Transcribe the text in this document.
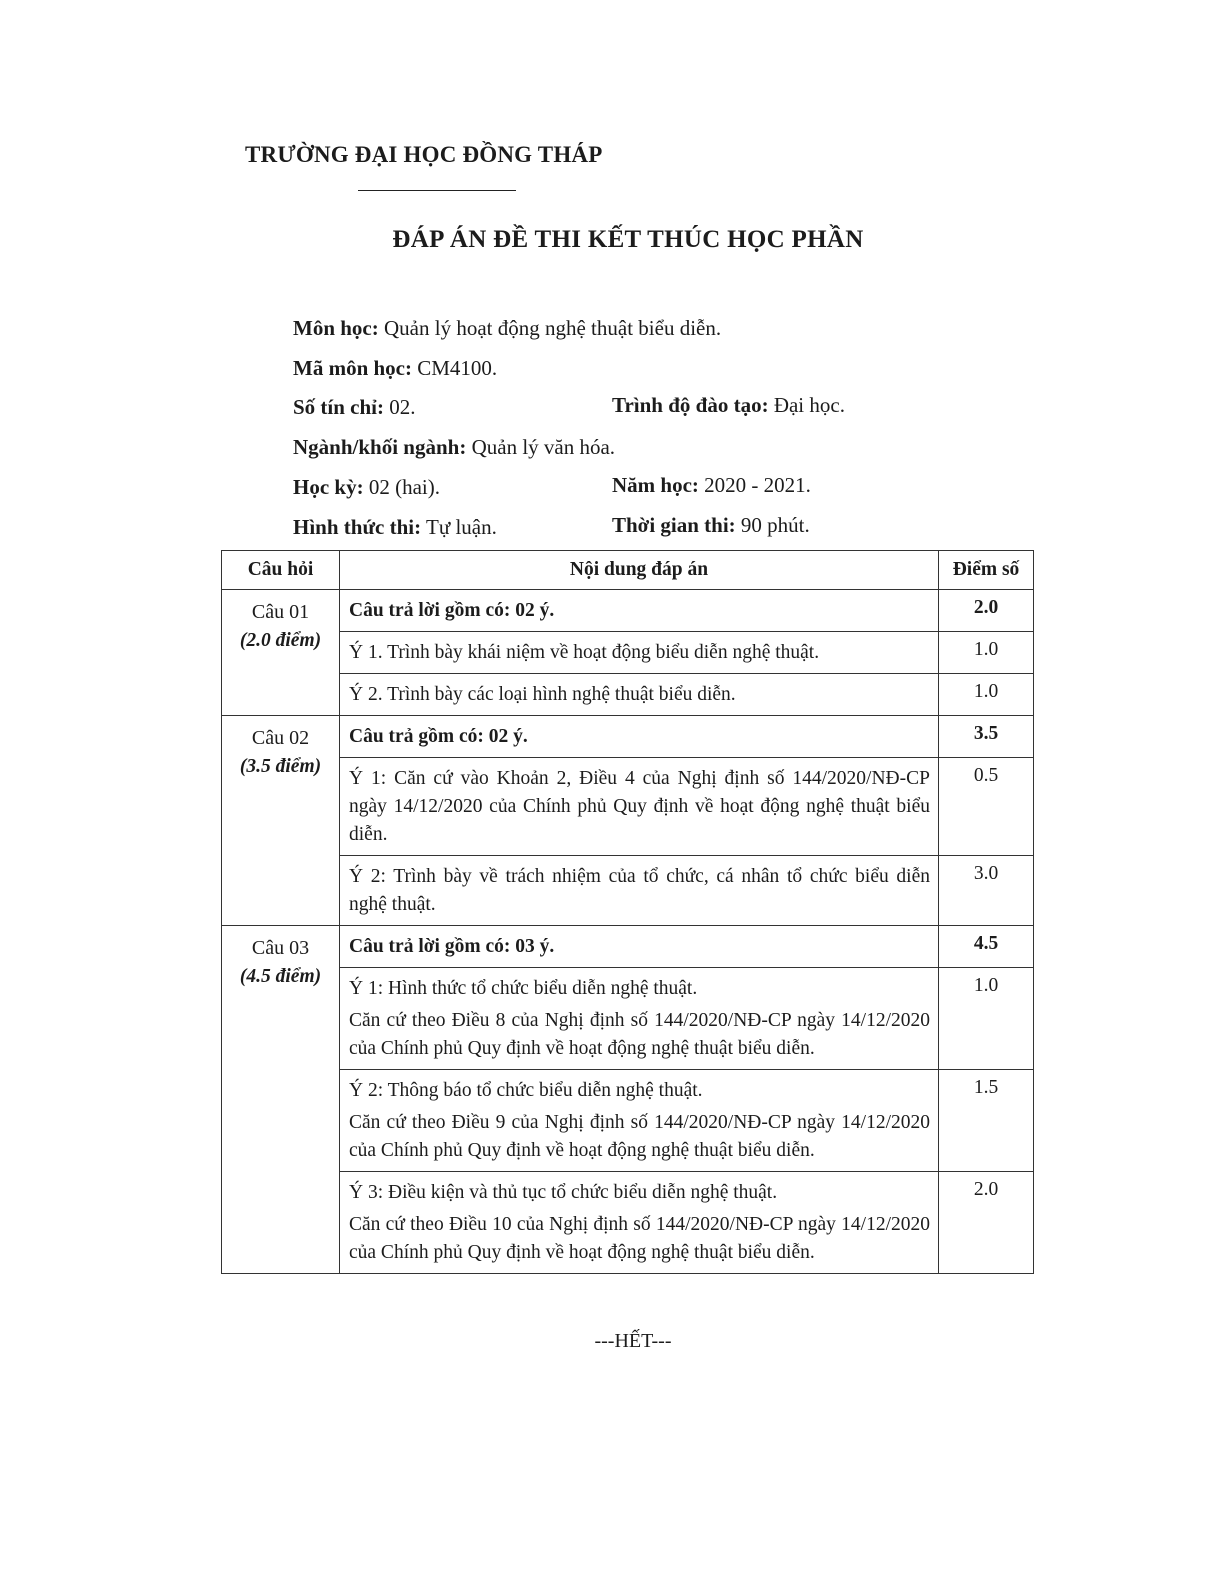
TRƯỜNG ĐẠI HỌC ĐỒNG THÁP
ĐÁP ÁN ĐỀ THI KẾT THÚC HỌC PHẦN
Môn học: Quản lý hoạt động nghệ thuật biểu diễn.
Mã môn học: CM4100.
Số tín chỉ: 02.	Trình độ đào tạo: Đại học.
Ngành/khối ngành: Quản lý văn hóa.
Học kỳ: 02 (hai).	Năm học: 2020 - 2021.
Hình thức thi: Tự luận.	Thời gian thi: 90 phút.
Câu hỏi	Nội dung đáp án	Điểm số

Câu 01
(2.0 điểm)	Câu trả lời gồm có: 02 ý.	2.0
	Ý 1. Trình bày khái niệm về hoạt động biểu diễn nghệ thuật.	1.0
	Ý 2. Trình bày các loại hình nghệ thuật biểu diễn.	1.0

Câu 02
(3.5 điểm)	Câu trả gồm có: 02 ý.	3.5
	Ý 1: Căn cứ vào Khoản 2, Điều 4 của Nghị định số 144/2020/NĐ-CP ngày 14/12/2020 của Chính phủ Quy định về hoạt động nghệ thuật biểu diễn.	0.5
	Ý 2: Trình bày về trách nhiệm của tổ chức, cá nhân tổ chức biểu diễn nghệ thuật.	3.0

Câu 03
(4.5 điểm)	Câu trả lời gồm có: 03 ý.	4.5

	Ý 1: Hình thức tổ chức biểu diễn nghệ thuật.

Căn cứ theo Điều 8 của Nghị định số 144/2020/NĐ-CP ngày 14/12/2020 của Chính phủ Quy định về hoạt động nghệ thuật biểu diễn.	1.0

	Ý 2: Thông báo tổ chức biểu diễn nghệ thuật.

Căn cứ theo Điều 9 của Nghị định số 144/2020/NĐ-CP ngày 14/12/2020 của Chính phủ Quy định về hoạt động nghệ thuật biểu diễn.	1.5

	Ý 3: Điều kiện và thủ tục tổ chức biểu diễn nghệ thuật.

Căn cứ theo Điều 10 của Nghị định số 144/2020/NĐ-CP ngày 14/12/2020 của Chính phủ Quy định về hoạt động nghệ thuật biểu diễn.	2.0
---HẾT---
